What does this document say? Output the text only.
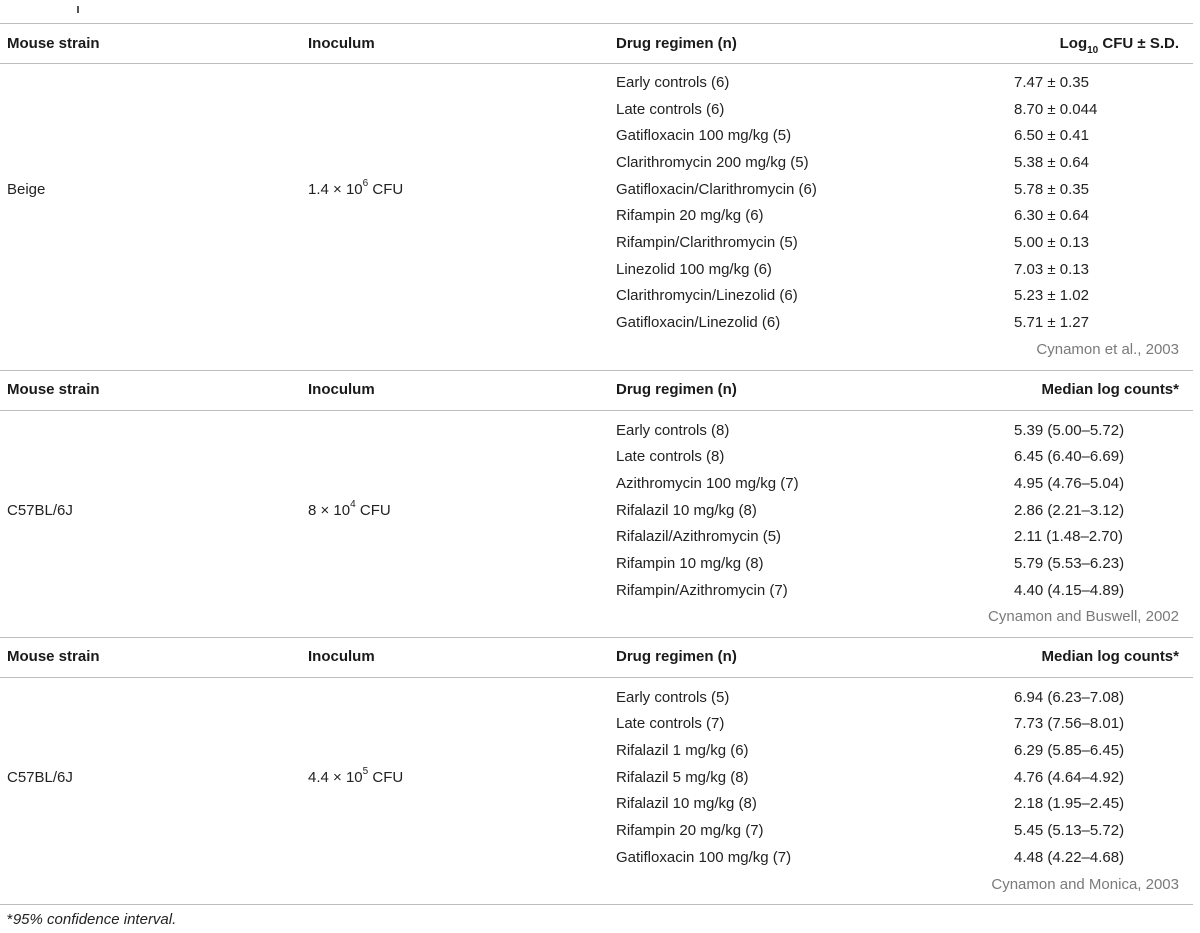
Mouse strain	Inoculum	Drug regimen (n)	Log$_{10}$ CFU ± S.D.
Beige	$1.4 \times 10^6$ CFU
Early controls (6)	7.47 ± 0.35
Late controls (6)	8.70 ± 0.044
Gatifloxacin 100 mg/kg (5)	6.50 ± 0.41
Clarithromycin 200 mg/kg (5)	5.38 ± 0.64
Gatifloxacin/Clarithromycin (6)	5.78 ± 0.35
Rifampin 20 mg/kg (6)	6.30 ± 0.64
Rifampin/Clarithromycin (5)	5.00 ± 0.13
Linezolid 100 mg/kg (6)	7.03 ± 0.13
Clarithromycin/Linezolid (6)	5.23 ± 1.02
Gatifloxacin/Linezolid (6)	5.71 ± 1.27
Cynamon et al., 2003
Mouse strain	Inoculum	Drug regimen (n)	Median log counts*
C57BL/6J	$8 \times 10^4$ CFU
Early controls (8)	5.39 (5.00–5.72)
Late controls (8)	6.45 (6.40–6.69)
Azithromycin 100 mg/kg (7)	4.95 (4.76–5.04)
Rifalazil 10 mg/kg (8)	2.86 (2.21–3.12)
Rifalazil/Azithromycin (5)	2.11 (1.48–2.70)
Rifampin 10 mg/kg (8)	5.79 (5.53–6.23)
Rifampin/Azithromycin (7)	4.40 (4.15–4.89)
Cynamon and Buswell, 2002
Mouse strain	Inoculum	Drug regimen (n)	Median log counts*
C57BL/6J	$4.4 \times 10^5$ CFU
Early controls (5)	6.94 (6.23–7.08)
Late controls (7)	7.73 (7.56–8.01)
Rifalazil 1 mg/kg (6)	6.29 (5.85–6.45)
Rifalazil 5 mg/kg (8)	4.76 (4.64–4.92)
Rifalazil 10 mg/kg (8)	2.18 (1.95–2.45)
Rifampin 20 mg/kg (7)	5.45 (5.13–5.72)
Gatifloxacin 100 mg/kg (7)	4.48 (4.22–4.68)
Cynamon and Monica, 2003
*95% confidence interval.
